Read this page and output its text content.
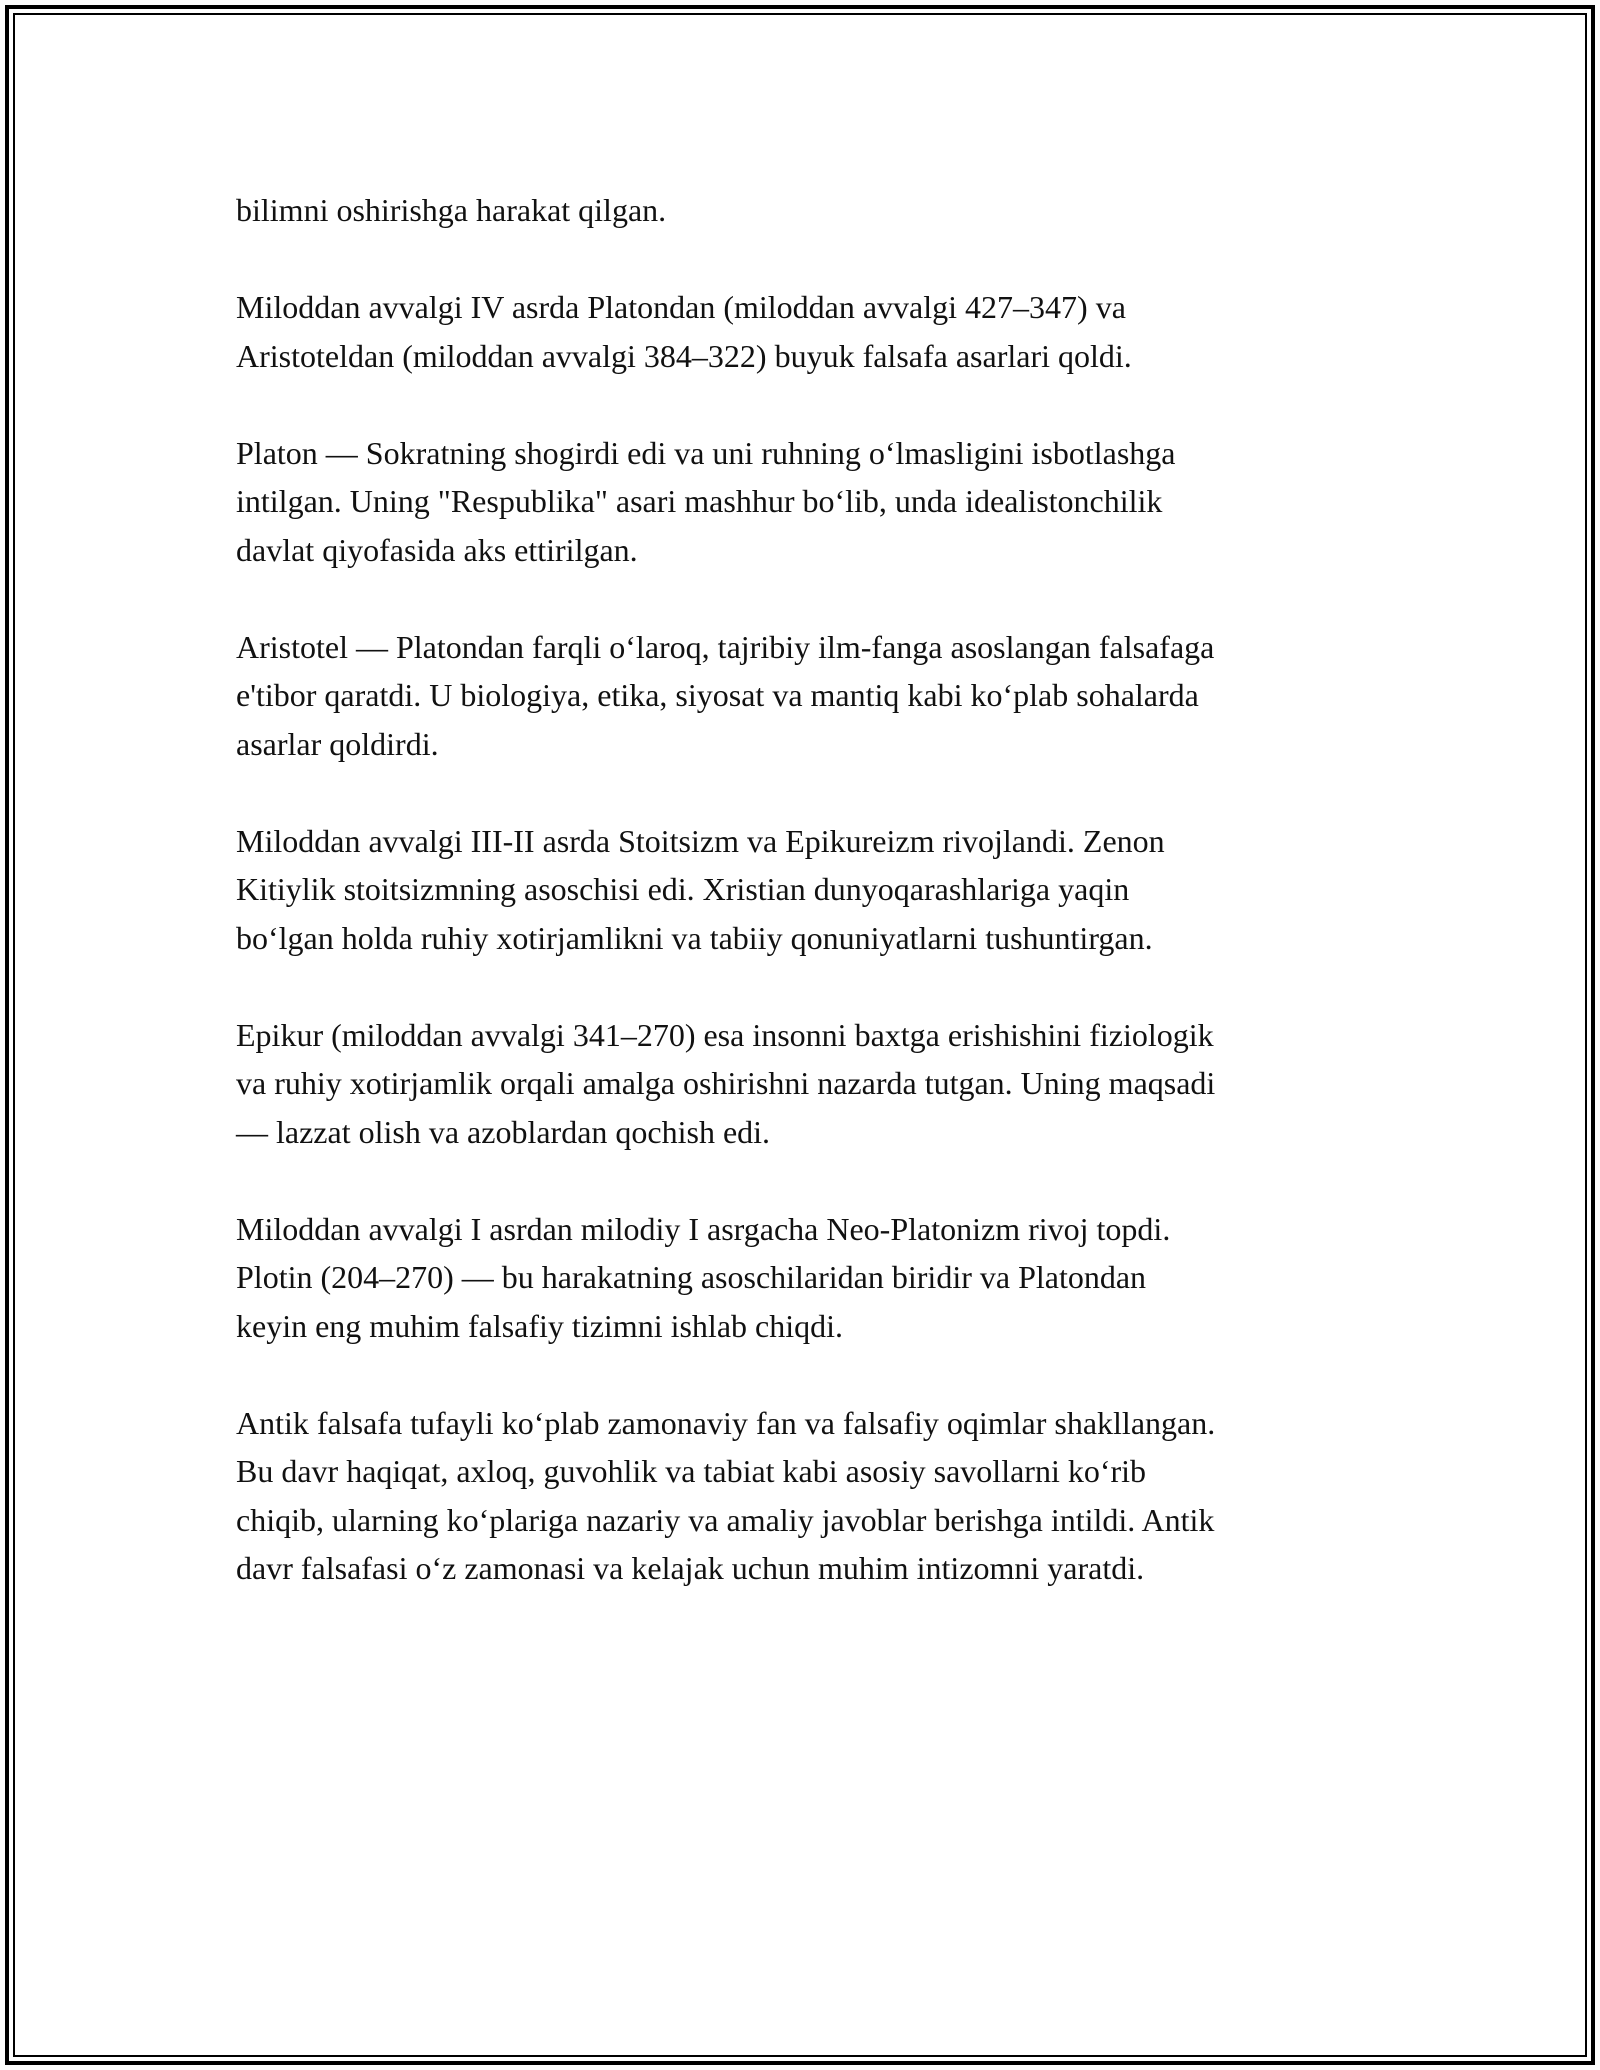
bilimni oshirishga harakat qilgan.

Miloddan avvalgi IV asrda Platondan (miloddan avvalgi 427–347) va
Aristoteldan (miloddan avvalgi 384–322) buyuk falsafa asarlari qoldi.

Platon — Sokratning shogirdi edi va uni ruhning oʻlmasligini isbotlashga
intilgan. Uning "Respublika" asari mashhur boʻlib, unda idealistonchilik
davlat qiyofasida aks ettirilgan.

Aristotel — Platondan farqli oʻlaroq, tajribiy ilm-fanga asoslangan falsafaga
e'tibor qaratdi. U biologiya, etika, siyosat va mantiq kabi koʻplab sohalarda
asarlar qoldirdi.

Miloddan avvalgi III-II asrda Stoitsizm va Epikureizm rivojlandi. Zenon
Kitiylik stoitsizmning asoschisi edi. Xristian dunyoqarashlariga yaqin
boʻlgan holda ruhiy xotirjamlikni va tabiiy qonuniyatlarni tushuntirgan.

Epikur (miloddan avvalgi 341–270) esa insonni baxtga erishishini fiziologik
va ruhiy xotirjamlik orqali amalga oshirishni nazarda tutgan. Uning maqsadi
— lazzat olish va azoblardan qochish edi.

Miloddan avvalgi I asrdan milodiy I asrgacha Neo-Platonizm rivoj topdi.
Plotin (204–270) — bu harakatning asoschilaridan biridir va Platondan
keyin eng muhim falsafiy tizimni ishlab chiqdi.

Antik falsafa tufayli koʻplab zamonaviy fan va falsafiy oqimlar shakllangan.
Bu davr haqiqat, axloq, guvohlik va tabiat kabi asosiy savollarni koʻrib
chiqib, ularning koʻplariga nazariy va amaliy javoblar berishga intildi. Antik
davr falsafasi oʻz zamonasi va kelajak uchun muhim intizomni yaratdi.
